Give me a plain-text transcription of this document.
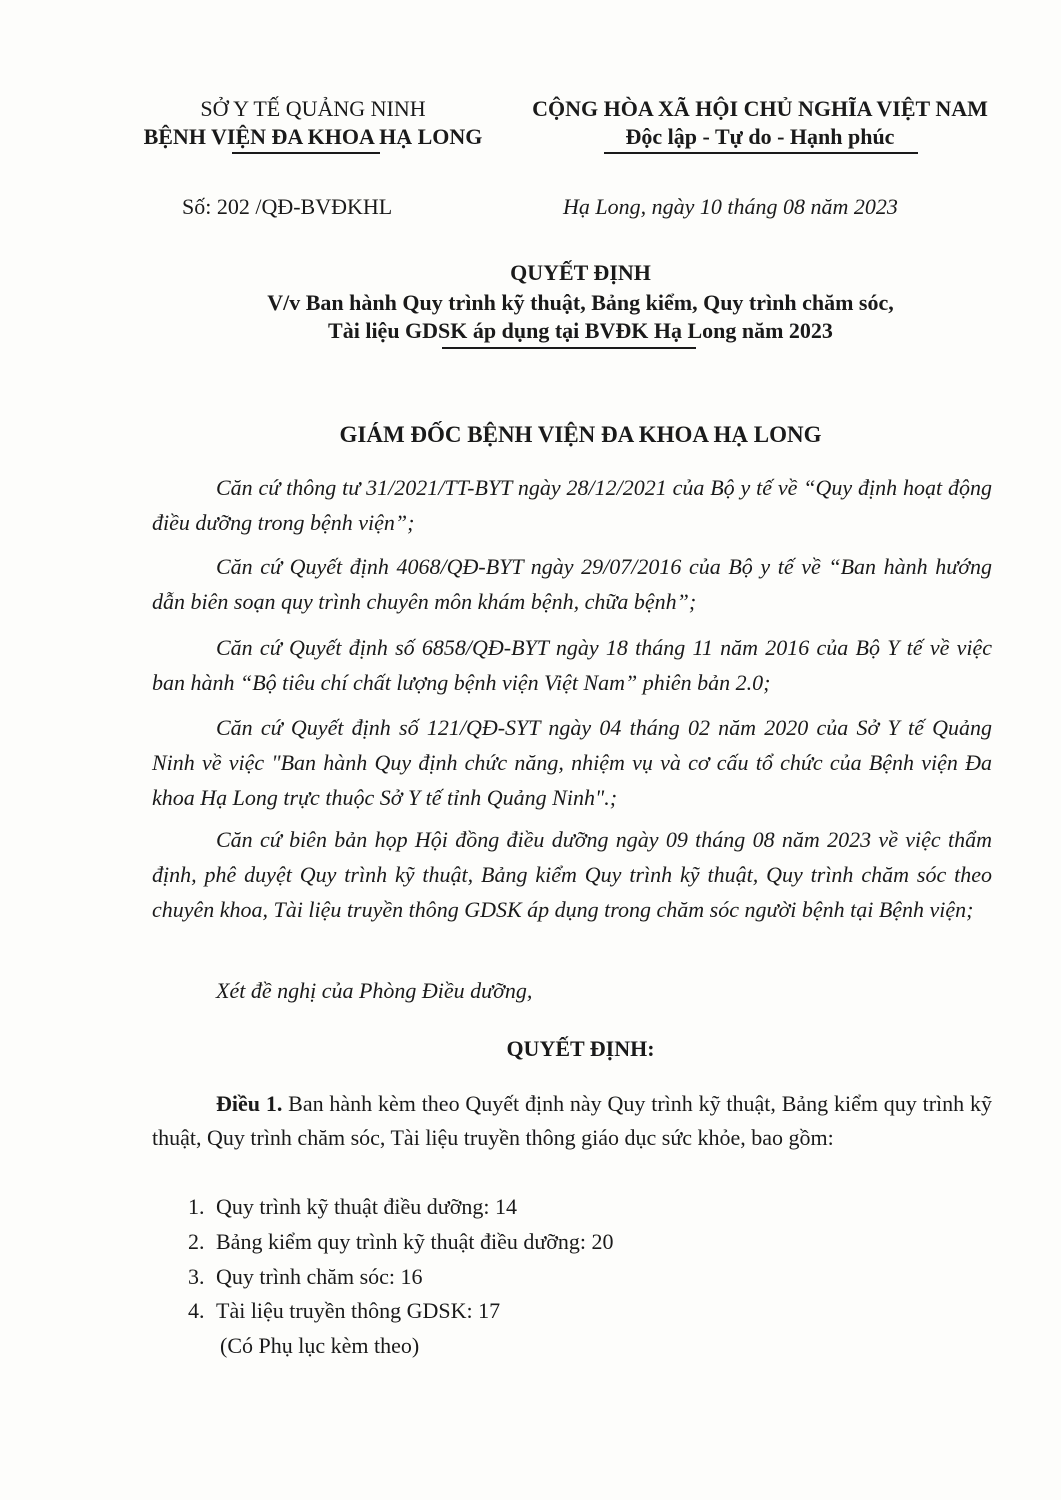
SỞ Y TẾ QUẢNG NINH
BỆNH VIỆN ĐA KHOA HẠ LONG
CỘNG HÒA XÃ HỘI CHỦ NGHĨA VIỆT NAM
Độc lập - Tự do - Hạnh phúc
Số: 202 /QĐ-BVĐKHL	Hạ Long, ngày 10 tháng 08 năm 2023
QUYẾT ĐỊNH
V/v Ban hành Quy trình kỹ thuật, Bảng kiểm, Quy trình chăm sóc,
Tài liệu GDSK áp dụng tại BVĐK Hạ Long năm 2023
GIÁM ĐỐC BỆNH VIỆN ĐA KHOA HẠ LONG
Căn cứ thông tư 31/2021/TT-BYT ngày 28/12/2021 của Bộ y tế về “Quy định hoạt động điều dưỡng trong bệnh viện”;
Căn cứ Quyết định 4068/QĐ-BYT ngày 29/07/2016 của Bộ y tế về “Ban hành hướng dẫn biên soạn quy trình chuyên môn khám bệnh, chữa bệnh”;
Căn cứ Quyết định số 6858/QĐ-BYT ngày 18 tháng 11 năm 2016 của Bộ Y tế về việc ban hành “Bộ tiêu chí chất lượng bệnh viện Việt Nam” phiên bản 2.0;
Căn cứ Quyết định số 121/QĐ-SYT ngày 04 tháng 02 năm 2020 của Sở Y tế Quảng Ninh về việc "Ban hành Quy định chức năng, nhiệm vụ và cơ cấu tổ chức của Bệnh viện Đa khoa Hạ Long trực thuộc Sở Y tế tỉnh Quảng Ninh".;
Căn cứ biên bản họp Hội đồng điều dưỡng ngày 09 tháng 08 năm 2023 về việc thẩm định, phê duyệt Quy trình kỹ thuật, Bảng kiểm Quy trình kỹ thuật, Quy trình chăm sóc theo chuyên khoa, Tài liệu truyền thông GDSK áp dụng trong chăm sóc người bệnh tại Bệnh viện;
Xét đề nghị của Phòng Điều dưỡng,
QUYẾT ĐỊNH:
Điều 1. Ban hành kèm theo Quyết định này Quy trình kỹ thuật, Bảng kiểm quy trình kỹ thuật, Quy trình chăm sóc, Tài liệu truyền thông giáo dục sức khỏe, bao gồm:
1. Quy trình kỹ thuật điều dưỡng: 14
2. Bảng kiểm quy trình kỹ thuật điều dưỡng: 20
3. Quy trình chăm sóc: 16
4. Tài liệu truyền thông GDSK: 17
(Có Phụ lục kèm theo)
